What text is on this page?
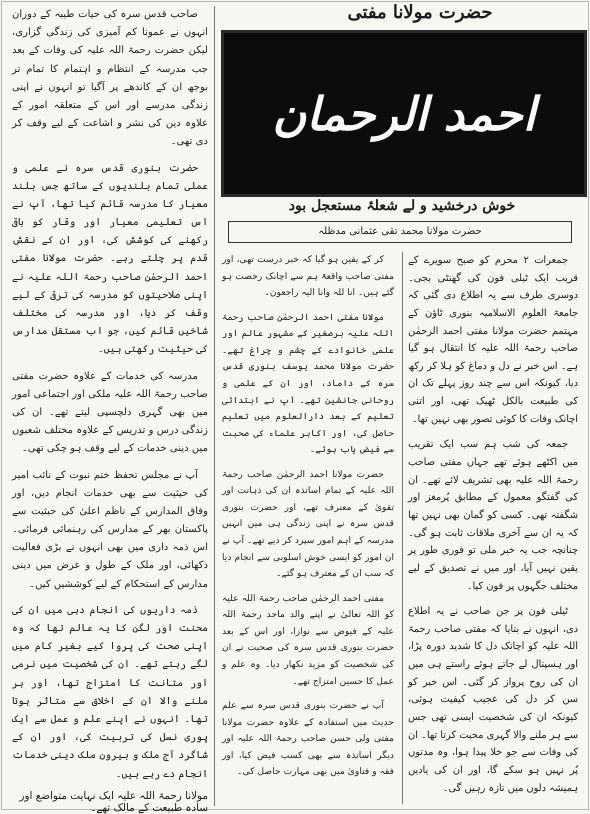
صاحب قدس سرہ کی حیات طیبہ کے دوران انہوں نے عمونا کم آمیزی کی زندگی گزاری، لیکن حضرت رحمۃ اللہ علیہ کی وفات کے بعد جب مدرسہ کے انتظام و اہتمام کا تمام تر بوجھ ان کے کاندھے پر آگیا تو انہوں نے اپنی زندگی مدرسے اور اس کے متعلقہ امور کے علاوہ دین کی نشر و اشاعت کے لیے وقف کر دی تھی۔

حضرت بنوری قدس سرہ نے علمی و عملی تمام بلندیوں کے ساتھ جس بلند معیار کا مدرسہ قائم کیا تھا، آپ نے اس تعلیمی معیار اور وقار کو باقی رکھنے کی کوشش کی، اور ان کے نقش قدم پر چلتے رہے۔ حضرت مولانا مفتی احمد الرحمٰن صاحب رحمۃ اللہ علیہ نے اپنی صلاحیتوں کو مدرسہ کی ترقی کے لیے وقف کر دیا، اور مدرسہ کی مختلف شاخیں قائم کیں، جو اب مستقل مدارس کی حیثیت رکھتی ہیں۔

مدرسہ کی خدمات کے علاوہ حضرت مفتی صاحب رحمۃ اللہ علیہ ملکی اور اجتماعی امور میں بھی گہری دلچسپی لیتے تھے۔ ان کی زندگی درس و تدریس کے علاوہ مختلف شعبوں میں دینی خدمات کے لیے وقف ہو چکی تھی۔

آپ نے مجلس تحفظ ختم نبوت کے نائب امیر کی حیثیت سے بھی خدمات انجام دیں، اور وفاق المدارس کے ناظم اعلیٰ کی حیثیت سے پاکستان بھر کے مدارس کی رہنمائی فرمائی۔ اس ذمہ داری میں بھی انہوں نے بڑی فعالیت دکھائی، اور ملک کے طول و عرض میں دینی مدارس کے استحکام کے لیے کوششیں کیں۔

ذمہ داریوں کی انجام دہی میں ان کی محنت اور لگن کا یہ عالم تھا کہ وہ اپنی صحت کی پروا کیے بغیر کام میں لگے رہتے تھے۔ ان کی شخصیت میں نرمی اور متانت کا امتزاج تھا، اور ہر ملنے والا ان کے اخلاق سے متاثر ہوتا تھا۔ انہوں نے اپنے علم و عمل سے ایک پوری نسل کی تربیت کی، اور ان کے شاگرد آج ملک و بیرون ملک دینی خدمات انجام دے رہے ہیں۔

کر کے یقین ہو گیا کہ خبر درست تھی، اور مفتی صاحب واقعۃً ہم سے اچانک رخصت ہو گئے ہیں۔ انا للہ وانا الیہ راجعون۔

مولانا مفتی احمد الرحمٰن صاحب رحمۃ اللہ علیہ برصغیر کے مشہور عالم اور علمی خانوادے کے چشم و چراغ تھے۔ حضرت مولانا محمد یوسف بنوری قدس سرہ کے داماد، اور ان کے علمی و روحانی جانشین تھے۔ آپ نے ابتدائی تعلیم کے بعد دارالعلوم میں تعلیم حاصل کی، اور اکابر علماء کی صحبت سے فیض یاب ہوئے۔

حضرت مولانا احمد الرحمٰن صاحب رحمۃ اللہ علیہ کے تمام اساتذہ ان کی ذہانت اور تقویٰ کے معترف تھے، اور حضرت بنوری قدس سرہ نے اپنی زندگی ہی میں انہیں مدرسہ کے اہم امور سپرد کر دیے تھے۔ آپ نے ان امور کو ایسی خوش اسلوبی سے انجام دیا کہ سب ان کے معترف ہو گئے۔

مفتی احمد الرحمٰن صاحب رحمۃ اللہ علیہ کو اللہ تعالیٰ نے اپنے والد ماجد رحمۃ اللہ علیہ کے فیوض سے نوازا، اور اس کے بعد حضرت بنوری قدس سرہ کی صحبت نے ان کی شخصیت کو مزید نکھار دیا۔ وہ علم و عمل کا حسین امتزاج تھے۔

آپ نے حضرت بنوری قدس سرہ سے علم حدیث میں استفادہ کے علاوہ حضرت مولانا مفتی ولی حسن صاحب رحمۃ اللہ علیہ اور دیگر اساتذہ سے بھی کسب فیض کیا، اور فقہ و فتاویٰ میں بھی مہارت حاصل کی۔

جمعرات ۲ محرم کو صبح سویرے کے قریب ایک ٹیلی فون کی گھنٹی بجی۔ دوسری طرف سے یہ اطلاع دی گئی کہ جامعۃ العلوم الاسلامیہ بنوری ٹاؤن کے مہتمم حضرت مولانا مفتی احمد الرحمٰن صاحب رحمۃ اللہ علیہ کا انتقال ہو گیا ہے۔ اس خبر نے دل و دماغ کو ہلا کر رکھ دیا، کیونکہ اس سے چند روز پہلے تک ان کی طبیعت بالکل ٹھیک تھی، اور اتنی اچانک وفات کا کوئی تصور بھی نہیں تھا۔

جمعہ کی شب ہم سب ایک تقریب میں اکٹھے ہوئے تھے جہاں مفتی صاحب رحمۃ اللہ علیہ بھی تشریف لائے تھے۔ ان کی گفتگو معمول کے مطابق پُرمغز اور شگفتہ تھی۔ کسی کو گمان بھی نہیں تھا کہ یہ ان سے آخری ملاقات ثابت ہو گی۔ چنانچہ جب یہ خبر ملی تو فوری طور پر یقین نہیں آیا، اور میں نے تصدیق کے لیے مختلف جگہوں پر فون کیا۔

ٹیلی فون پر جن صاحب نے یہ اطلاع دی، انہوں نے بتایا کہ مفتی صاحب رحمۃ اللہ علیہ کو اچانک دل کا شدید دورہ پڑا، اور ہسپتال لے جاتے ہوئے راستے ہی میں ان کی روح پرواز کر گئی۔ اس خبر کو سن کر دل کی عجیب کیفیت ہوئی، کیونکہ ان کی شخصیت ایسی تھی جس سے ہر ملنے والا گہری محبت کرتا تھا۔ ان کی وفات سے جو خلا پیدا ہوا، وہ مدتوں پُر نہیں ہو سکے گا، اور ان کی یادیں ہمیشہ دلوں میں تازہ رہیں گی۔

حضرت مولانا مفتی
احمد الرحمان
خوش درخشید و لے شعلۂ مستعجل بود
حضرت مولانا محمد تقی عثمانی مدظلہ
مولانا رحمۃ اللہ علیہ ایک نہایت متواضع اور سادہ طبیعت کے مالک تھے۔
